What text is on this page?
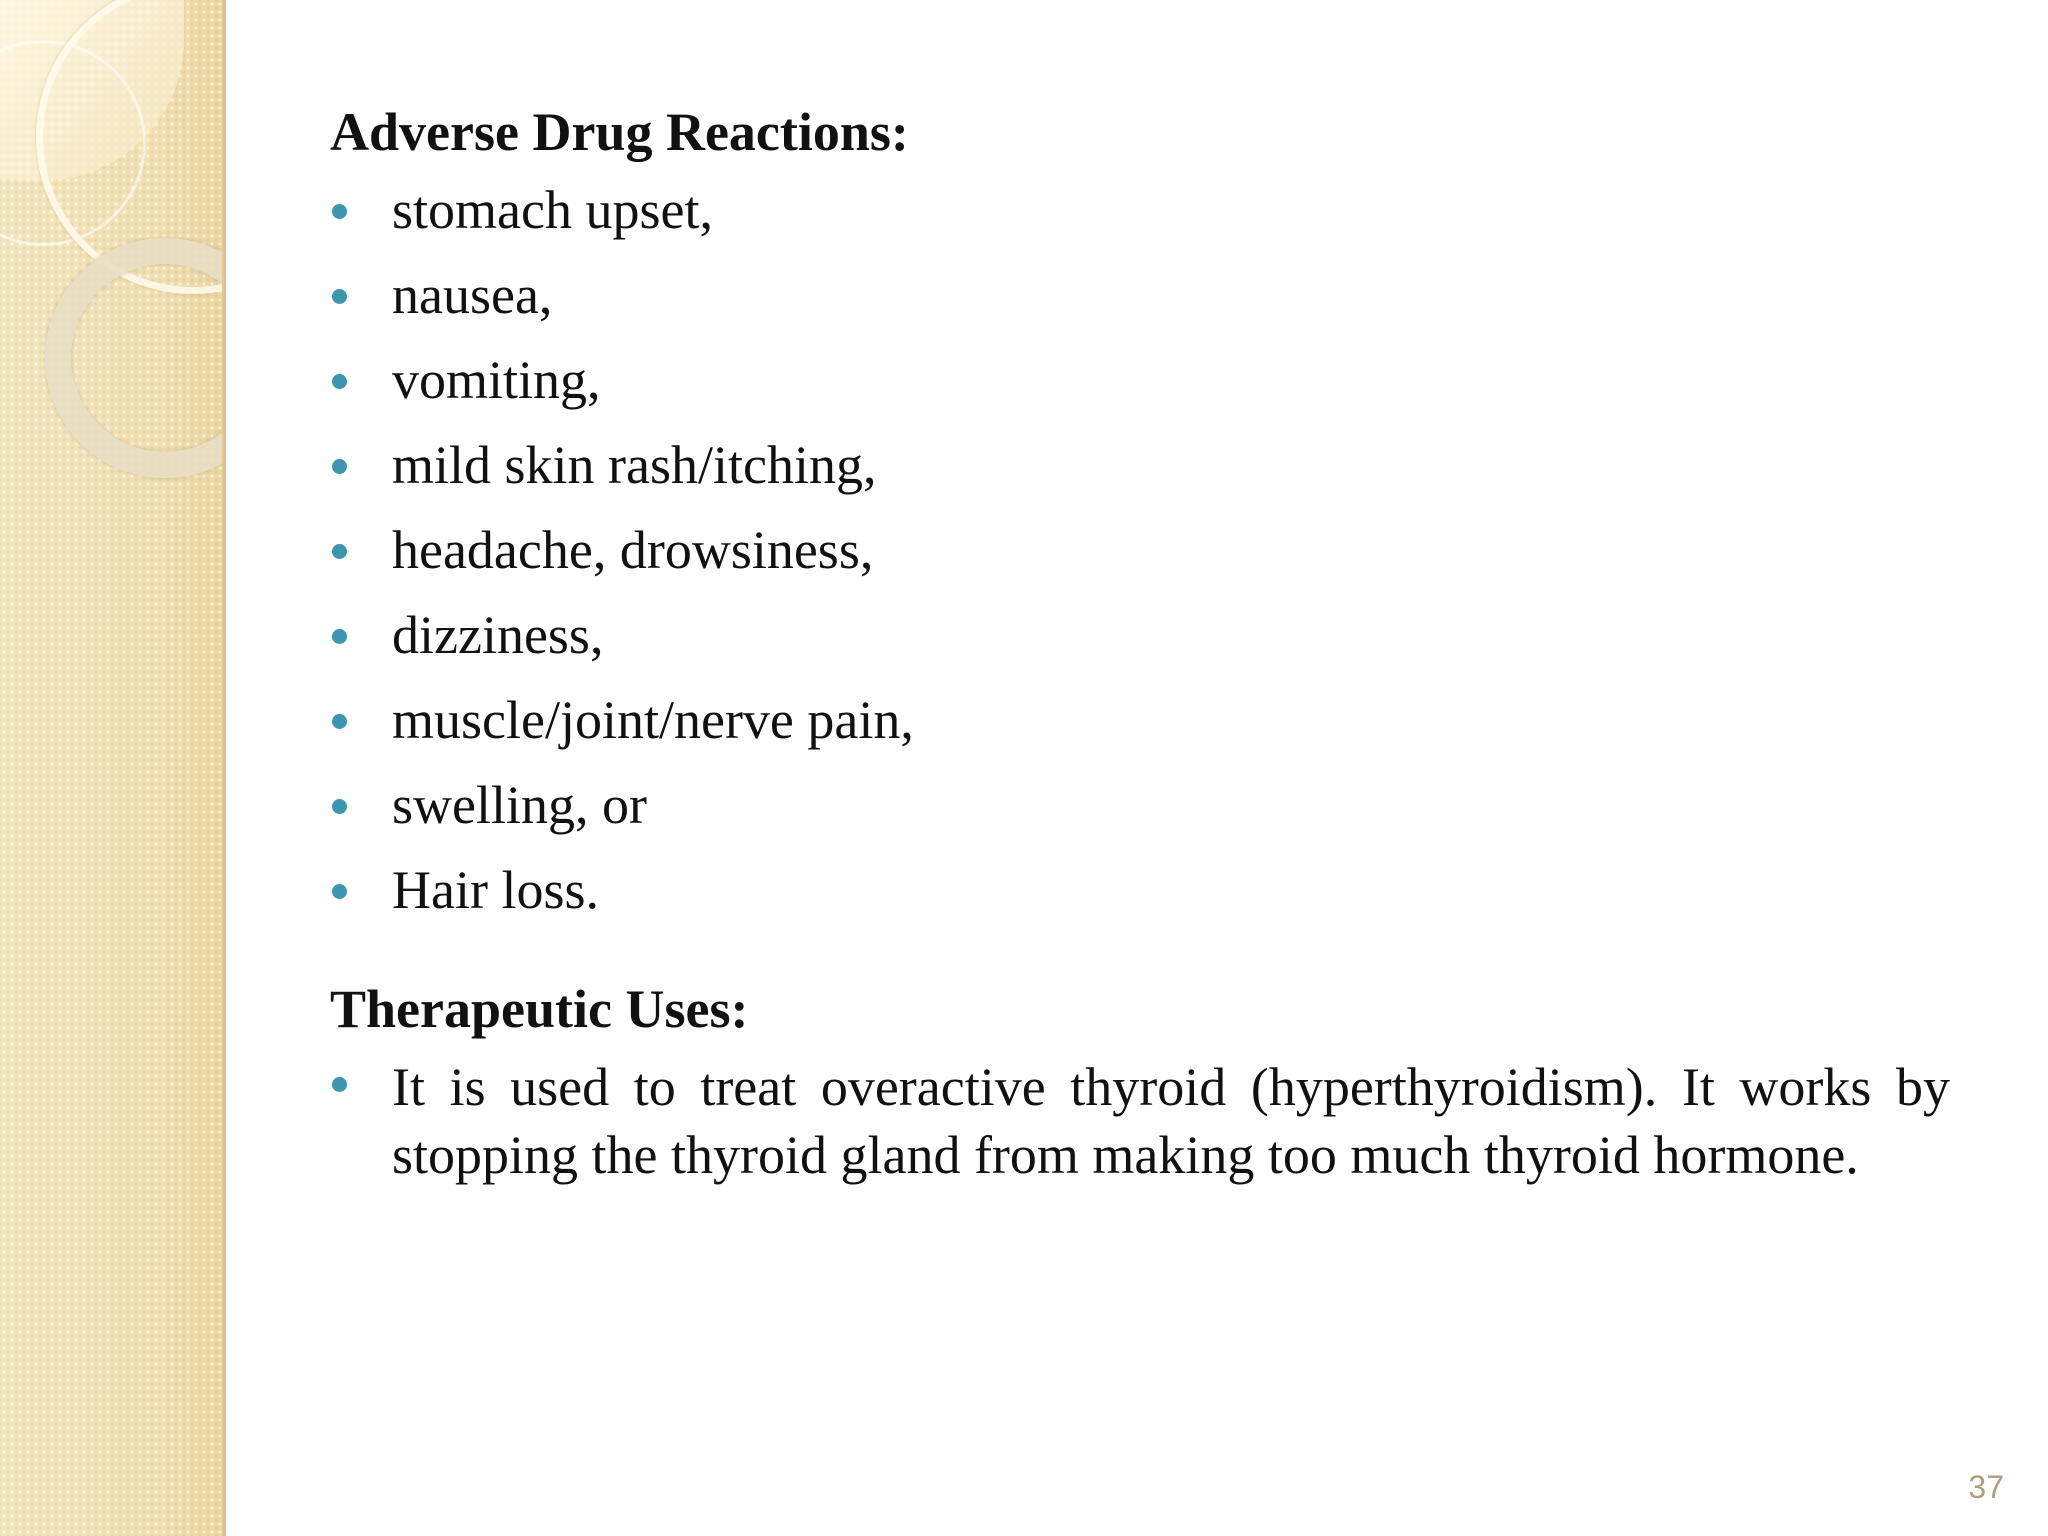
Adverse Drug Reactions:
stomach upset,
nausea,
vomiting,
mild skin rash/itching,
headache, drowsiness,
dizziness,
muscle/joint/nerve pain,
swelling, or
Hair loss.
Therapeutic Uses:
It is used to treat overactive thyroid (hyperthyroidism). It works by stopping the thyroid gland from making too much thyroid hormone.
37
